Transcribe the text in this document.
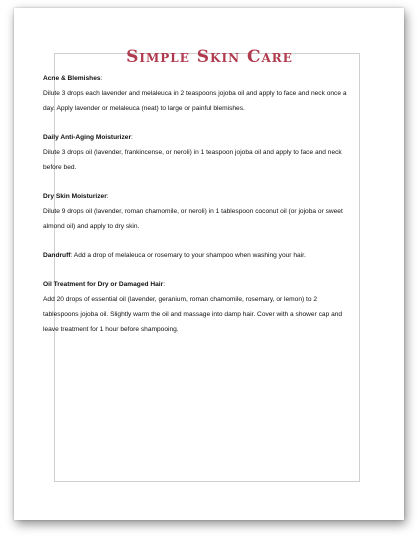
Simple Skin Care

Acne & Blemishes:

Dilute 3 drops each lavender and melaleuca in 2 teaspoons jojoba oil and apply to face and neck once a day. Apply lavender or melaleuca (neat) to large or painful blemishes.

Daily Anti-Aging Moisturizer:

Dilute 3 drops oil (lavender, frankincense, or neroli) in 1 teaspoon jojoba oil and apply to face and neck before bed.

Dry Skin Moisturizer:

Dilute 9 drops oil (lavender, roman chamomile, or neroli) in 1 tablespoon coconut oil (or jojoba or sweet almond oil) and apply to dry skin.

Dandruff: Add a drop of melaleuca or rosemary to your shampoo when washing your hair.

Oil Treatment for Dry or Damaged Hair:

Add 20 drops of essential oil (lavender, geranium, roman chamomile, rosemary, or lemon) to 2 tablespoons jojoba oil. Slightly warm the oil and massage into damp hair. Cover with a shower cap and leave treatment for 1 hour before shampooing.
